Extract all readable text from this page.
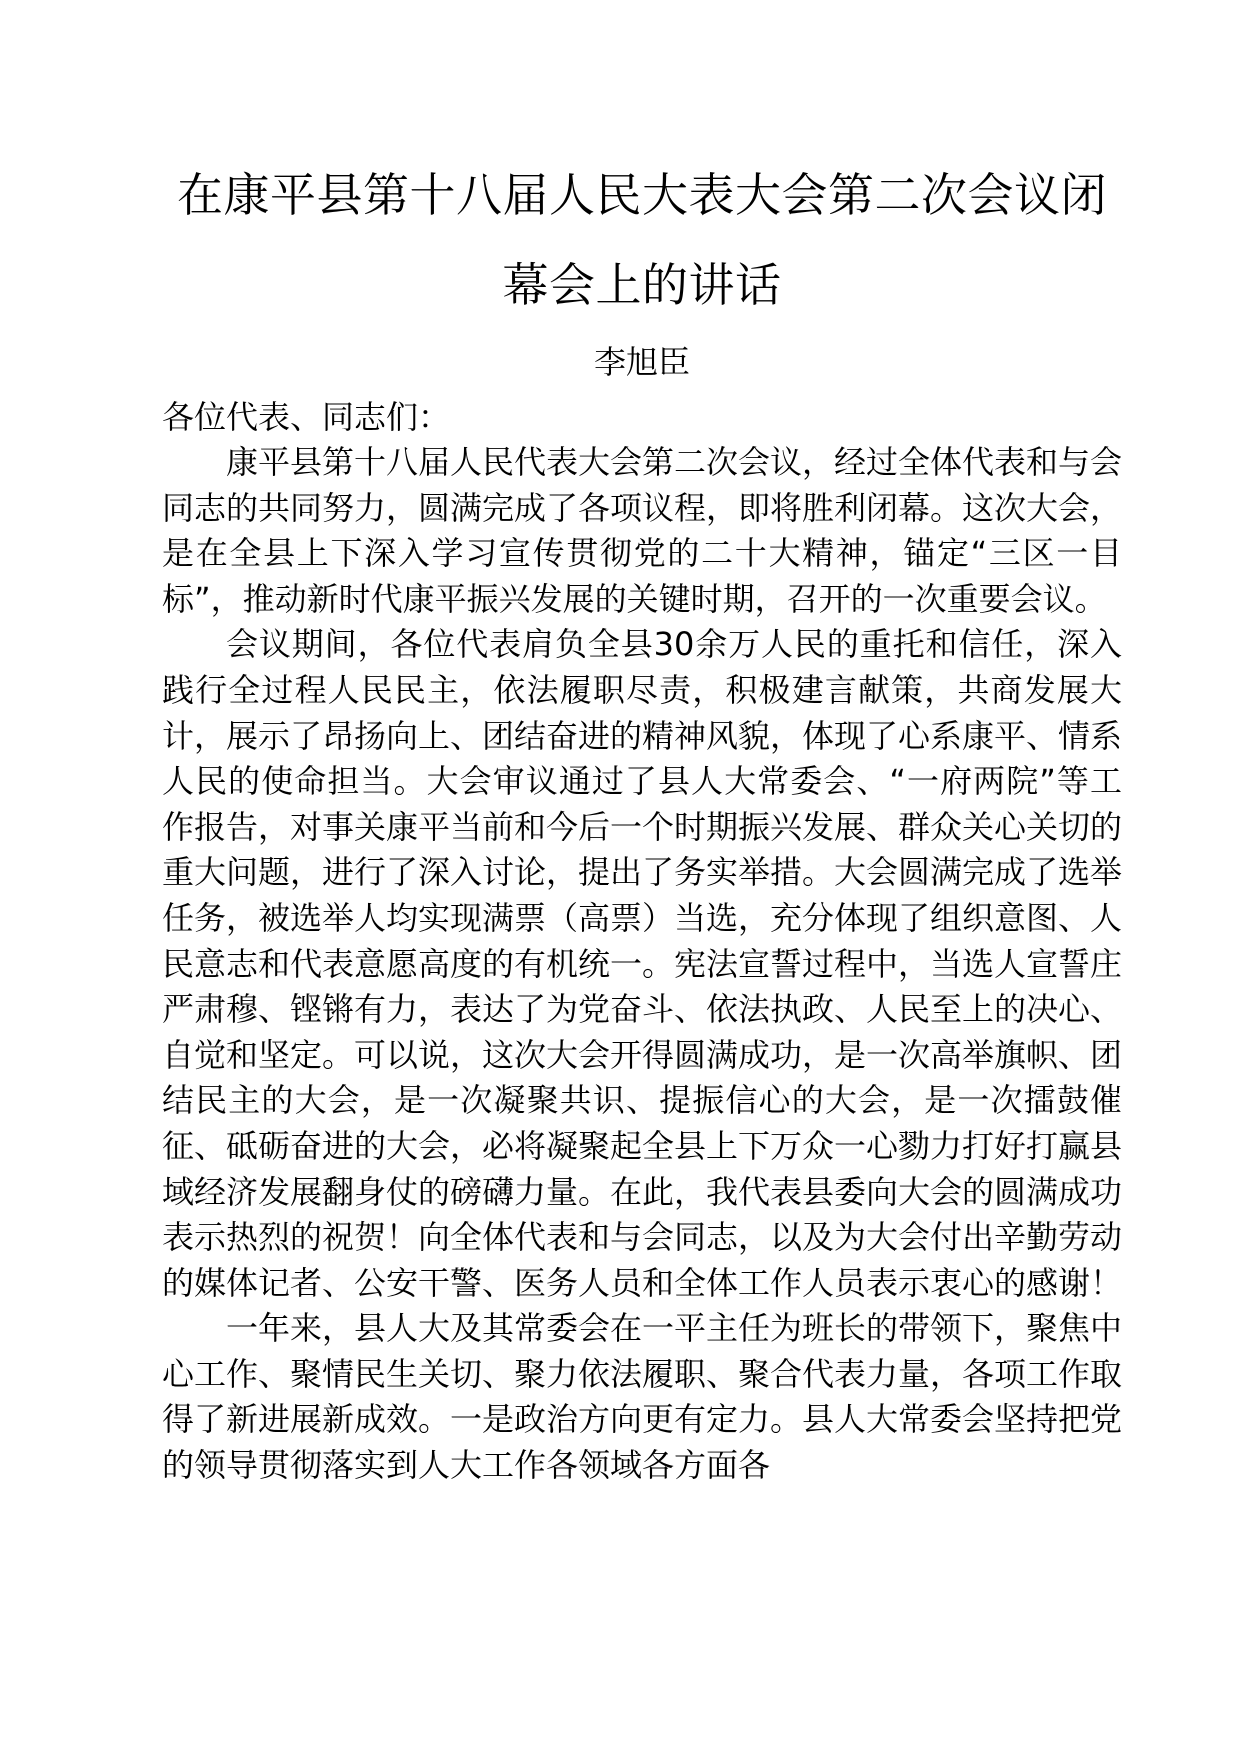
在康平县第十八届人民大表大会第二次会议闭幕会上的讲话
李旭臣

各位代表、同志们：

康平县第十八届人民代表大会第二次会议，经过全体代表和与会同志的共同努力，圆满完成了各项议程，即将胜利闭幕。这次大会，是在全县上下深入学习宣传贯彻党的二十大精神，锚定“三区一目标”，推动新时代康平振兴发展的关键时期，召开的一次重要会议。

会议期间，各位代表肩负全县30余万人民的重托和信任，深入践行全过程人民民主，依法履职尽责，积极建言献策，共商发展大计，展示了昂扬向上、团结奋进的精神风貌，体现了心系康平、情系人民的使命担当。大会审议通过了县人大常委会、“一府两院”等工作报告，对事关康平当前和今后一个时期振兴发展、群众关心关切的重大问题，进行了深入讨论，提出了务实举措。大会圆满完成了选举任务，被选举人均实现满票（高票）当选，充分体现了组织意图、人民意志和代表意愿高度的有机统一。宪法宣誓过程中，当选人宣誓庄严肃穆、铿锵有力，表达了为党奋斗、依法执政、人民至上的决心、自觉和坚定。可以说，这次大会开得圆满成功，是一次高举旗帜、团结民主的大会，是一次凝聚共识、提振信心的大会，是一次擂鼓催征、砥砺奋进的大会，必将凝聚起全县上下万众一心勠力打好打赢县域经济发展翻身仗的磅礴力量。在此，我代表县委向大会的圆满成功表示热烈的祝贺！向全体代表和与会同志，以及为大会付出辛勤劳动的媒体记者、公安干警、医务人员和全体工作人员表示衷心的感谢！

一年来，县人大及其常委会在一平主任为班长的带领下，聚焦中心工作、聚情民生关切、聚力依法履职、聚合代表力量，各项工作取得了新进展新成效。一是政治方向更有定力。县人大常委会坚持把党的领导贯彻落实到人大工作各领域各方面各
